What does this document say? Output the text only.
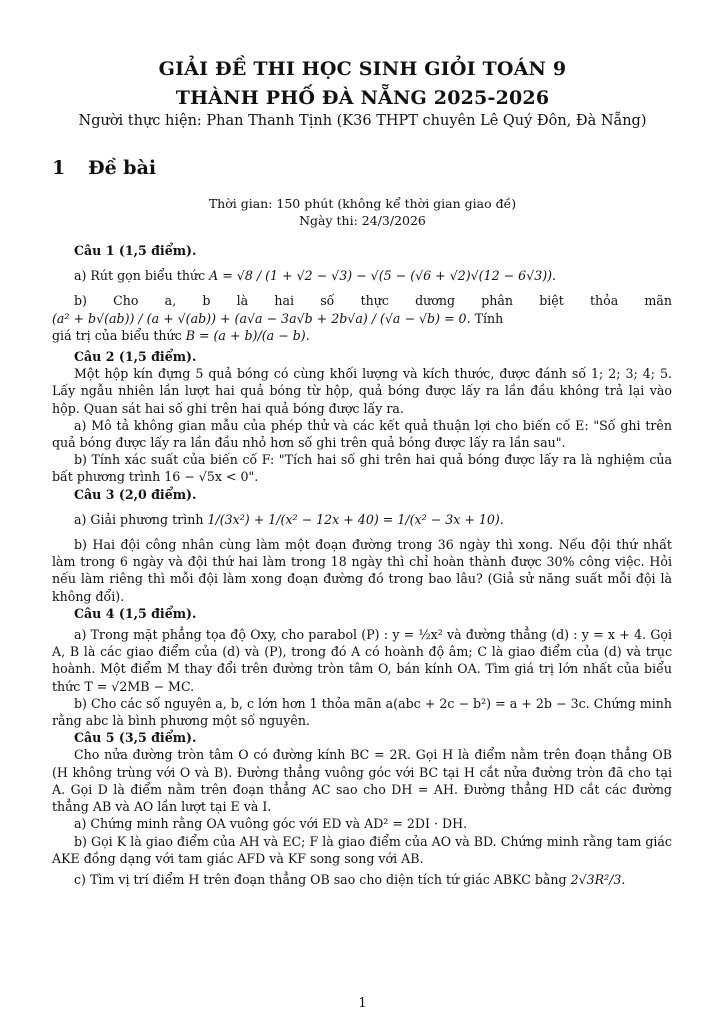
GIẢI ĐỀ THI HỌC SINH GIỎI TOÁN 9
THÀNH PHỐ ĐÀ NẴNG 2025-2026
Người thực hiện: Phan Thanh Tịnh (K36 THPT chuyên Lê Quý Đôn, Đà Nẵng)
1 Đề bài
Thời gian: 150 phút (không kể thời gian giao đề)
Ngày thi: 24/3/2026

Câu 1 (1,5 điểm).

a) Rút gọn biểu thức A = √8 / (1 + √2 − √3) − √(5 − (√6 + √2)√(12 − 6√3)).

b) Cho a, b là hai số thực dương phân biệt thỏa mãn (a² + b√(ab)) / (a + √(ab)) + (a√a − 3a√b + 2b√a) / (√a − √b) = 0. Tính

giá trị của biểu thức B = (a + b)/(a − b).

Câu 2 (1,5 điểm).

Một hộp kín đựng 5 quả bóng có cùng khối lượng và kích thước, được đánh số 1; 2; 3; 4; 5. Lấy ngẫu nhiên lần lượt hai quả bóng từ hộp, quả bóng được lấy ra lần đầu không trả lại vào hộp. Quan sát hai số ghi trên hai quả bóng được lấy ra.

a) Mô tả không gian mẫu của phép thử và các kết quả thuận lợi cho biến cố E: "Số ghi trên quả bóng được lấy ra lần đầu nhỏ hơn số ghi trên quả bóng được lấy ra lần sau".

b) Tính xác suất của biến cố F: "Tích hai số ghi trên hai quả bóng được lấy ra là nghiệm của bất phương trình 16 − √5x < 0".

Câu 3 (2,0 điểm).

a) Giải phương trình 1/(3x²) + 1/(x² − 12x + 40) = 1/(x² − 3x + 10).

b) Hai đội công nhân cùng làm một đoạn đường trong 36 ngày thì xong. Nếu đội thứ nhất làm trong 6 ngày và đội thứ hai làm trong 18 ngày thì chỉ hoàn thành được 30% công việc. Hỏi nếu làm riêng thì mỗi đội làm xong đoạn đường đó trong bao lâu? (Giả sử năng suất mỗi đội là không đổi).

Câu 4 (1,5 điểm).

a) Trong mặt phẳng tọa độ Oxy, cho parabol (P) : y = ½x² và đường thẳng (d) : y = x + 4. Gọi A, B là các giao điểm của (d) và (P), trong đó A có hoành độ âm; C là giao điểm của (d) và trục hoành. Một điểm M thay đổi trên đường tròn tâm O, bán kính OA. Tìm giá trị lớn nhất của biểu thức T = √2MB − MC.

b) Cho các số nguyên a, b, c lớn hơn 1 thỏa mãn a(abc + 2c − b²) = a + 2b − 3c. Chứng minh rằng abc là bình phương một số nguyên.

Câu 5 (3,5 điểm).

Cho nửa đường tròn tâm O có đường kính BC = 2R. Gọi H là điểm nằm trên đoạn thẳng OB (H không trùng với O và B). Đường thẳng vuông góc với BC tại H cắt nửa đường tròn đã cho tại A. Gọi D là điểm nằm trên đoạn thẳng AC sao cho DH = AH. Đường thẳng HD cắt các đường thẳng AB và AO lần lượt tại E và I.

a) Chứng minh rằng OA vuông góc với ED và AD² = 2DI · DH.

b) Gọi K là giao điểm của AH và EC; F là giao điểm của AO và BD. Chứng minh rằng tam giác AKE đồng dạng với tam giác AFD và KF song song với AB.

c) Tìm vị trí điểm H trên đoạn thẳng OB sao cho diện tích tứ giác ABKC bằng 2√3R²/3.

1
